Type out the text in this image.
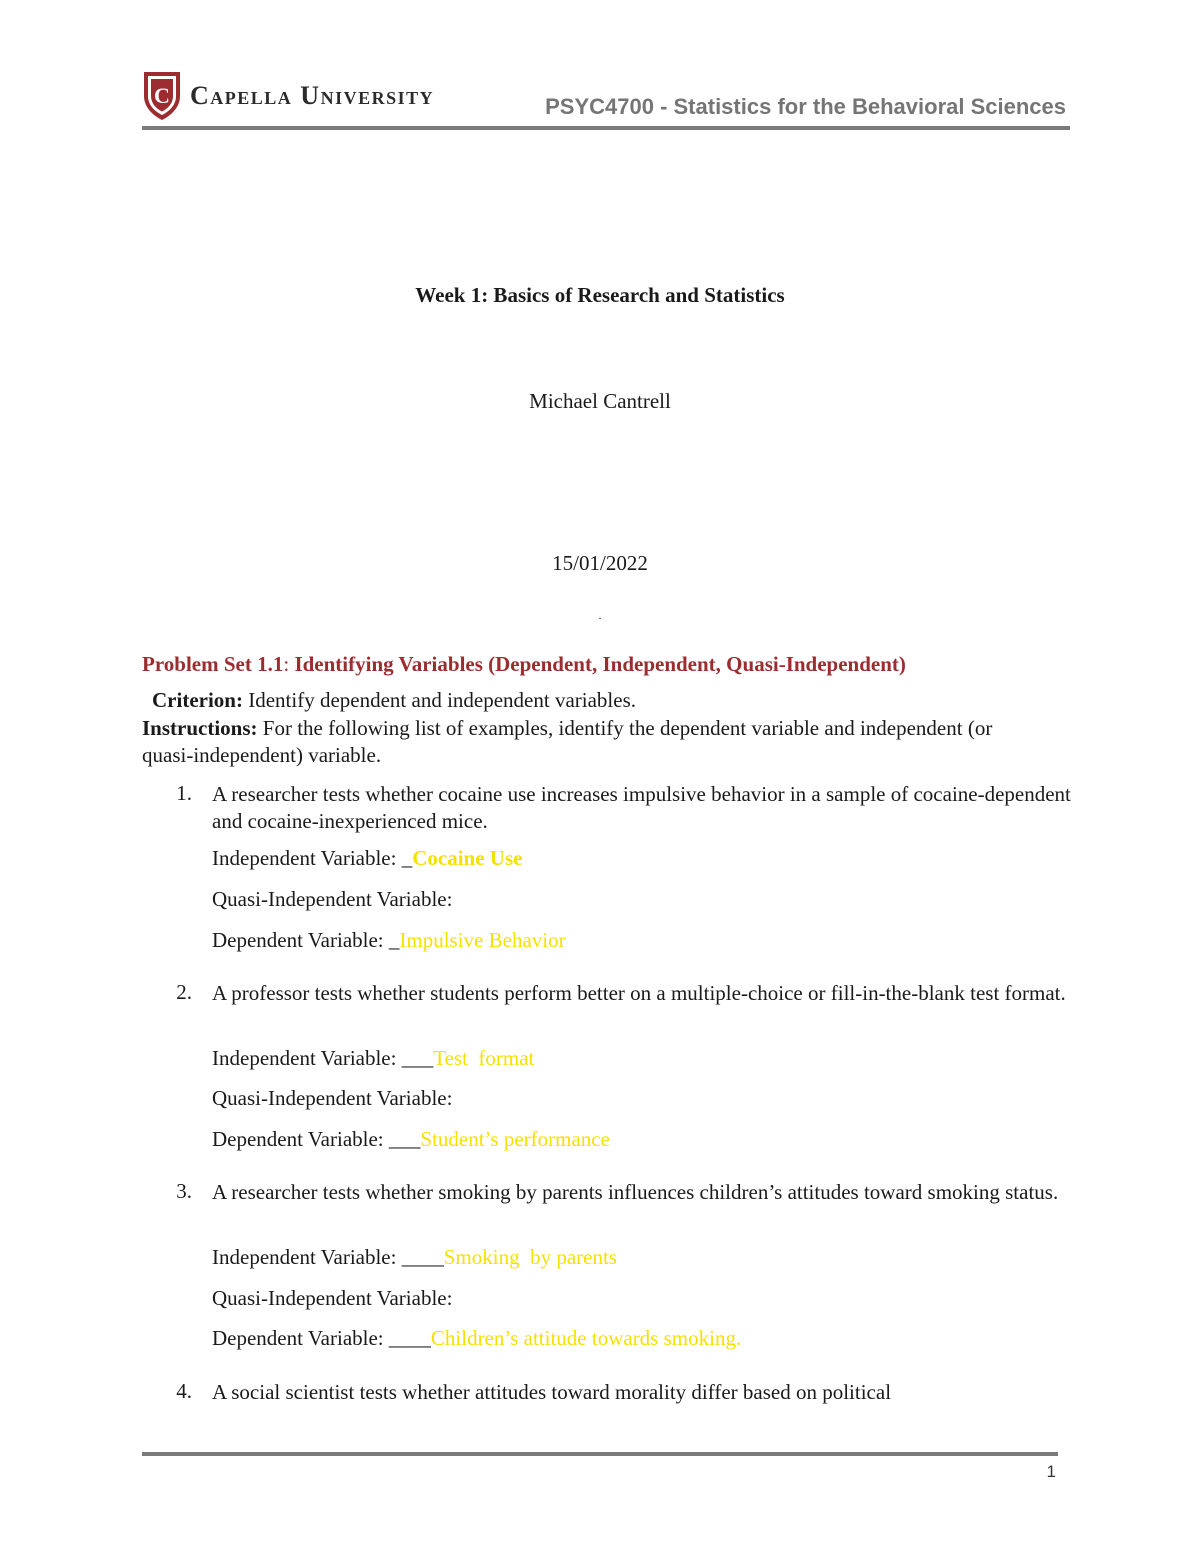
C Capella University	PSYC4700 - Statistics for the Behavioral Sciences
Week 1: Basics of Research and Statistics
Michael Cantrell
15/01/2022
.
Problem Set 1.1: Identifying Variables (Dependent, Independent, Quasi-Independent)
Criterion: Identify dependent and independent variables.
Instructions: For the following list of examples, identify the dependent variable and independent (or quasi-independent) variable.
1. A researcher tests whether cocaine use increases impulsive behavior in a sample of cocaine-dependent and cocaine-inexperienced mice.
Independent Variable: _Cocaine Use
Quasi-Independent Variable:
Dependent Variable: _Impulsive Behavior
2. A professor tests whether students perform better on a multiple-choice or fill-in-the-blank test format.
Independent Variable: ___Test  format
Quasi-Independent Variable:
Dependent Variable: ___Student’s performance
3. A researcher tests whether smoking by parents influences children’s attitudes toward smoking status.
Independent Variable: ____Smoking  by parents
Quasi-Independent Variable:
Dependent Variable: ____Children’s attitude towards smoking.
4. A social scientist tests whether attitudes toward morality differ based on political
1
